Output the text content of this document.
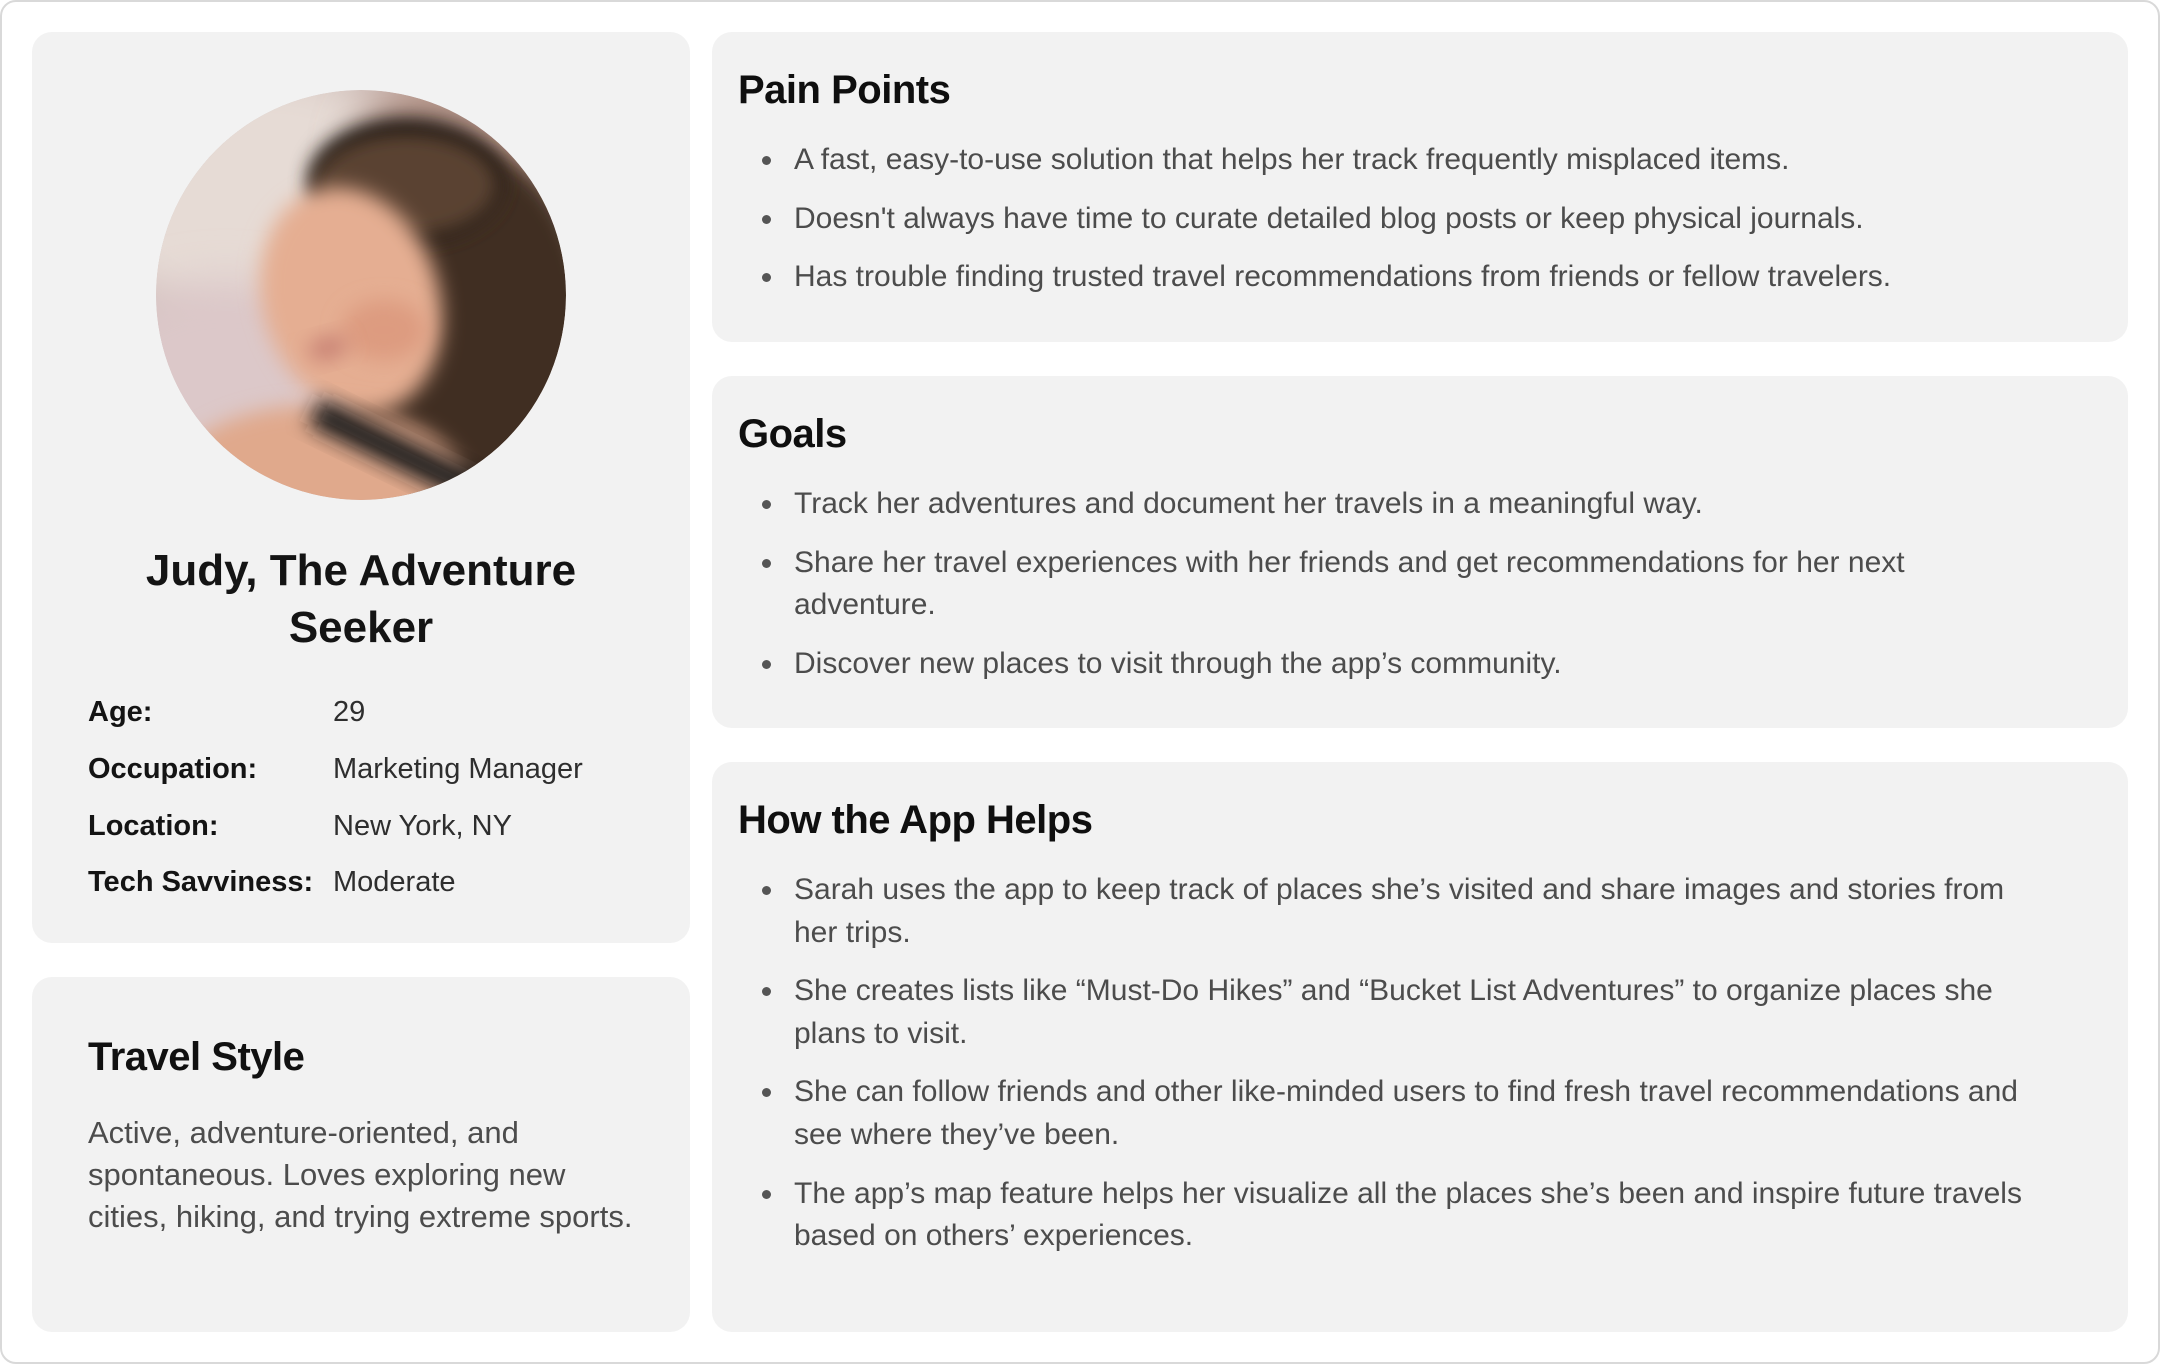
Judy, The Adventure Seeker
Age:	29
Occupation:	Marketing Manager
Location:	New York, NY
Tech Savviness: Moderate
Travel Style

Active, adventure-oriented, and spontaneous. Loves exploring new cities, hiking, and trying extreme sports.

Pain Points
• A fast, easy-to-use solution that helps her track frequently misplaced items.
• Doesn't always have time to curate detailed blog posts or keep physical journals.
• Has trouble finding trusted travel recommendations from friends or fellow travelers.
Goals
• Track her adventures and document her travels in a meaningful way.
• Share her travel experiences with her friends and get recommendations for her next adventure.
• Discover new places to visit through the app’s community.
How the App Helps
• Sarah uses the app to keep track of places she’s visited and share images and stories from her trips.
• She creates lists like “Must-Do Hikes” and “Bucket List Adventures” to organize places she plans to visit.
• She can follow friends and other like-minded users to find fresh travel recommendations and see where they’ve been.
• The app’s map feature helps her visualize all the places she’s been and inspire future travels based on others’ experiences.
